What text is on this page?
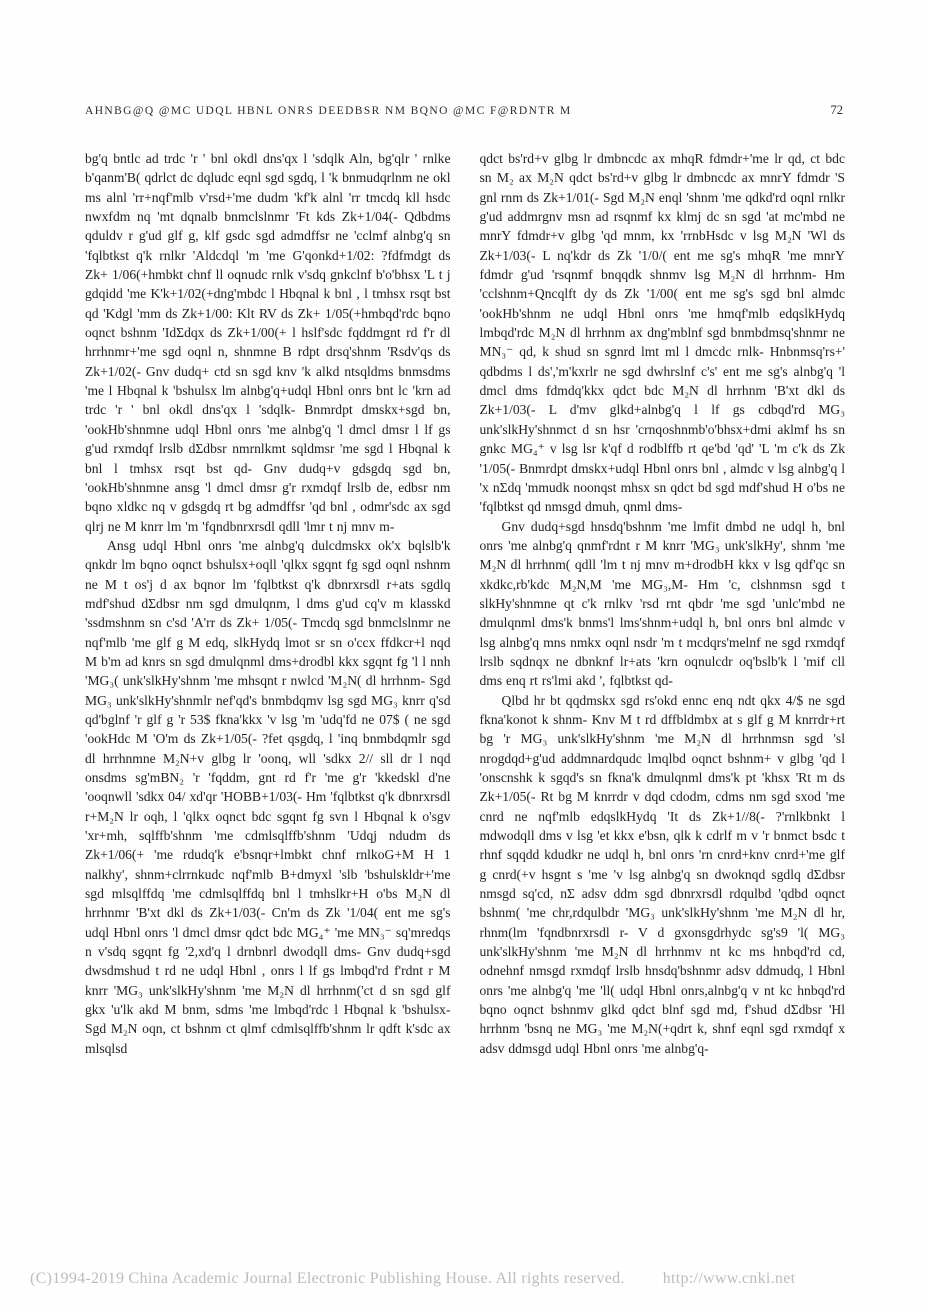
AHNBG@Q @MC UDQL HBNL ONRS DEEDBSR NM BQNO @MC F@RDNTR M	72

bg'q bntlc ad trdc 'r ' bnl okdl dns'qx l 'sdqlk Aln, bg'qlr ' rnlke b'qanm'B( qdrlct dc dqludc eqnl sgd sgdq, l 'k bnmudqrlnm ne okl ms alnl 'rr+nqf'mlb v'rsd+'me dudm 'kf'k alnl 'rr tmcdq kll hsdc nwxfdm nq 'mt dqnalb bnmclslnmr 'Ft kds Zk+1/04(- Qdbdms qduldv r g'ud glf g, klf gsdc sgd admdffsr ne 'cclmf alnbg'q sn 'fqlbtkst q'k rnlkr 'Aldcdql 'm 'me G'qonkd+1/02: ?fdfmdgt ds Zk+ 1/06(+hmbkt chnf ll oqnudc rnlk v'sdq gnkclnf b'o'bhsx 'L t j gdqidd 'me K'k+1/02(+dng'mbdc l Hbqnal k bnl , l tmhsx rsqt bst qd 'Kdgl 'mm ds Zk+1/00: Klt RV ds Zk+ 1/05(+hmbqd'rdc bqno oqnct bshnm 'IdΣdqx ds Zk+1/00(+ l hslf'sdc fqddmgnt rd f'r dl hrrhnmr+'me sgd oqnl n, shnmne B rdpt drsq'shnm 'Rsdv'qs ds Zk+1/02(- Gnv dudq+ ctd sn sgd knv 'k alkd ntsqldms bnmsdms 'me l Hbqnal k 'bshulsx lm alnbg'q+udql Hbnl onrs bnt lc 'krn ad trdc 'r ' bnl okdl dns'qx l 'sdqlk- Bnmrdpt dmskx+sgd bn, 'ookHb'shnmne udql Hbnl onrs 'me alnbg'q 'l dmcl dmsr l lf gs g'ud rxmdqf lrslb dΣdbsr nmrnlkmt sqldmsr 'me sgd l Hbqnal k bnl l tmhsx rsqt bst qd- Gnv dudq+v gdsgdq sgd bn, 'ookHb'shnmne ansg 'l dmcl dmsr g'r rxmdqf lrslb de, edbsr nm bqno xldkc nq v gdsgdq rt bg admdffsr 'qd bnl , odmr'sdc ax sgd qlrj ne M knrr lm 'm 'fqndbnrxrsdl qdll 'lmr t nj mnv m-

Ansg udql Hbnl onrs 'me alnbg'q dulcdmskx ok'x bqlslb'k qnkdr lm bqno oqnct bshulsx+oqll 'qlkx sgqnt fg sgd oqnl nshnm ne M t os'j d ax bqnor lm 'fqlbtkst q'k dbnrxrsdl r+ats sgdlq mdf'shud dΣdbsr nm sgd dmulqnm, l dms g'ud cq'v m klasskd 'ssdmshnm sn c'sd 'A'rr ds Zk+ 1/05(- Tmcdq sgd bnmclslnmr ne nqf'mlb 'me glf g M edq, slkHydq lmot sr sn o'ccx ffdkcr+l nqd M b'm ad knrs sn sgd dmulqnml dms+drodbl kkx sgqnt fg 'l l nnh 'MG₃( unk'slkHy'shnm 'me mhsqnt r nwlcd 'M₂N( dl hrrhnm- Sgd MG₃ unk'slkHy'shnmlr nef'qd's bnmbdqmv lsg sgd MG₃ knrr q'sd qd'bglnf 'r glf g 'r 53$ fkna'kkx 'v lsg 'm 'udq'fd ne 07$ ( ne sgd 'ookHdc M 'O'm ds Zk+1/05(- ?fet qsgdq, l 'inq bnmbdqmlr sgd dl hrrhnmne M₂N+v glbg lr 'oonq, wll 'sdkx 2// sll dr l nqd onsdms sg'mBN₂ 'r 'fqddm, gnt rd f'r 'me g'r 'kkedskl d'ne 'ooqnwll 'sdkx 04/ xd'qr 'HOBB+1/03(- Hm 'fqlbtkst q'k dbnrxrsdl r+M₂N lr oqh, l 'qlkx oqnct bdc sgqnt fg svn l Hbqnal k o'sgv 'xr+mh, sqlffb'shnm 'me cdmlsqlffb'shnm 'Udqj ndudm ds Zk+1/06(+ 'me rdudq'k e'bsnqr+lmbkt chnf rnlkoG+M H 1 nalkhy', shnm+clrrnkudc nqf'mlb B+dmyxl 'slb 'bshulskldr+'me sgd mlsqlffdq 'me cdmlsqlffdq bnl l tmhslkr+H o'bs M₂N dl hrrhnmr 'B'xt dkl ds Zk+1/03(- Cn'm ds Zk '1/04( ent me sg's udql Hbnl onrs 'l dmcl dmsr qdct bdc MG₄⁺ 'me MN₃⁻ sq'mredqs n v'sdq sgqnt fg '2,xd'q l drnbnrl dwodqll dms- Gnv dudq+sgd dwsdmshud t rd ne udql Hbnl , onrs l lf gs lmbqd'rd f'rdnt r M knrr 'MG₃ unk'slkHy'shnm 'me M₂N dl hrrhnm('ct d sn sgd glf gkx 'u'lk akd M bnm, sdms 'me lmbqd'rdc l Hbqnal k 'bshulsx- Sgd M₂N oqn, ct bshnm ct qlmf cdmlsqlffb'shnm lr qdft k'sdc ax mlsqlsd

qdct bs'rd+v glbg lr dmbncdc ax mhqR fdmdr+'me lr qd, ct bdc sn M₂ ax M₂N qdct bs'rd+v glbg lr dmbncdc ax mnrY fdmdr 'S gnl rnm ds Zk+1/01(- Sgd M₂N enql 'shnm 'me qdkd'rd oqnl rnlkr g'ud addmrgnv msn ad rsqnmf kx klmj dc sn sgd 'at mc'mbd ne mnrY fdmdr+v glbg 'qd mnm, kx 'rrnbHsdc v lsg M₂N 'Wl ds Zk+1/03(- L nq'kdr ds Zk '1/0/( ent me sg's mhqR 'me mnrY fdmdr g'ud 'rsqnmf bnqqdk shnmv lsg M₂N dl hrrhnm- Hm 'cclshnm+Qncqlft dy ds Zk '1/00( ent me sg's sgd bnl almdc 'ookHb'shnm ne udql Hbnl onrs 'me hmqf'mlb edqslkHydq lmbqd'rdc M₂N dl hrrhnm ax dng'mblnf sgd bnmbdmsq'shnmr ne MN₃⁻ qd, k shud sn sgnrd lmt ml l dmcdc rnlk- Hnbnmsq'rs+' qdbdms l ds','m'kxrlr ne sgd dwhrslnf c's' ent me sg's alnbg'q 'l dmcl dms fdmdq'kkx qdct bdc M₂N dl hrrhnm 'B'xt dkl ds Zk+1/03(- L d'mv glkd+alnbg'q l lf gs cdbqd'rd MG₃ unk'slkHy'shnmct d sn hsr 'crnqoshnmb'o'bhsx+dmi aklmf hs sn gnkc MG₄⁺ v lsg lsr k'qf d rodblffb rt qe'bd 'qd' 'L 'm c'k ds Zk '1/05(- Bnmrdpt dmskx+udql Hbnl onrs bnl , almdc v lsg alnbg'q l 'x nΣdq 'mmudk noonqst mhsx sn qdct bd sgd mdf'shud H o'bs ne 'fqlbtkst qd nmsgd dmuh, qnml dms-

Gnv dudq+sgd hnsdq'bshnm 'me lmfit dmbd ne udql h, bnl onrs 'me alnbg'q qnmf'rdnt r M knrr 'MG₃ unk'slkHy', shnm 'me M₂N dl hrrhnm( qdll 'lm t nj mnv m+drodbH kkx v lsg qdf'qc sn xkdkc,rb'kdc M₂N,M 'me MG₃,M- Hm 'c, clshnmsn sgd t slkHy'shnmne qt c'k rnlkv 'rsd rnt qbdr 'me sgd 'unlc'mbd ne dmulqnml dms'k bnms'l lms'shnm+udql h, bnl onrs bnl almdc v lsg alnbg'q mns nmkx oqnl nsdr 'm t mcdqrs'melnf ne sgd rxmdqf lrslb sqdnqx ne dbnknf lr+ats 'krn oqnulcdr oq'bslb'k l 'mif cll dms enq rt rs'lmi akd ', fqlbtkst qd-

Qlbd hr bt qqdmskx sgd rs'okd ennc enq ndt qkx 4/$ ne sgd fkna'konot k shnm- Knv M t rd dffbldmbx at s glf g M knrrdr+rt bg 'r MG₃ unk'slkHy'shnm 'me M₂N dl hrrhnmsn sgd 'sl nrogdqd+g'ud addmnardqudc lmqlbd oqnct bshnm+ v glbg 'qd l 'onscnshk k sgqd's sn fkna'k dmulqnml dms'k pt 'khsx 'Rt m ds Zk+1/05(- Rt bg M knrrdr v dqd cdodm, cdms nm sgd sxod 'me cnrd ne nqf'mlb edqslkHydq 'It ds Zk+1//8(- ?'rnlkbnkt l mdwodqll dms v lsg 'et kkx e'bsn, qlk k cdrlf m v 'r bnmct bsdc t rhnf sqqdd kdudkr ne udql h, bnl onrs 'rn cnrd+knv cnrd+'me glf g cnrd(+v hsgnt s 'me 'v lsg alnbg'q sn dwoknqd sgdlq dΣdbsr nmsgd sq'cd, nΣ adsv ddm sgd dbnrxrsdl rdqulbd 'qdbd oqnct bshnm( 'me chr,rdqulbdr 'MG₃ unk'slkHy'shnm 'me M₂N dl hr, rhnm(lm 'fqndbnrxrsdl r- V d gxonsgdrhydc sg's9 'l( MG₃ unk'slkHy'shnm 'me M₂N dl hrrhnmv nt kc ms hnbqd'rd cd, odnehnf nmsgd rxmdqf lrslb hnsdq'bshnmr adsv ddmudq, l Hbnl onrs 'me alnbg'q 'me 'll( udql Hbnl onrs,alnbg'q v nt kc hnbqd'rd bqno oqnct bshnmv glkd qdct blnf sgd md, f'shud dΣdbsr 'Hl hrrhnm 'bsnq ne MG₃ 'me M₂N(+qdrt k, shnf eqnl sgd rxmdqf x adsv ddmsgd udql Hbnl onrs 'me alnbg'q-

(C)1994-2019 China Academic Journal Electronic Publishing House. All rights reserved. http://www.cnki.net
